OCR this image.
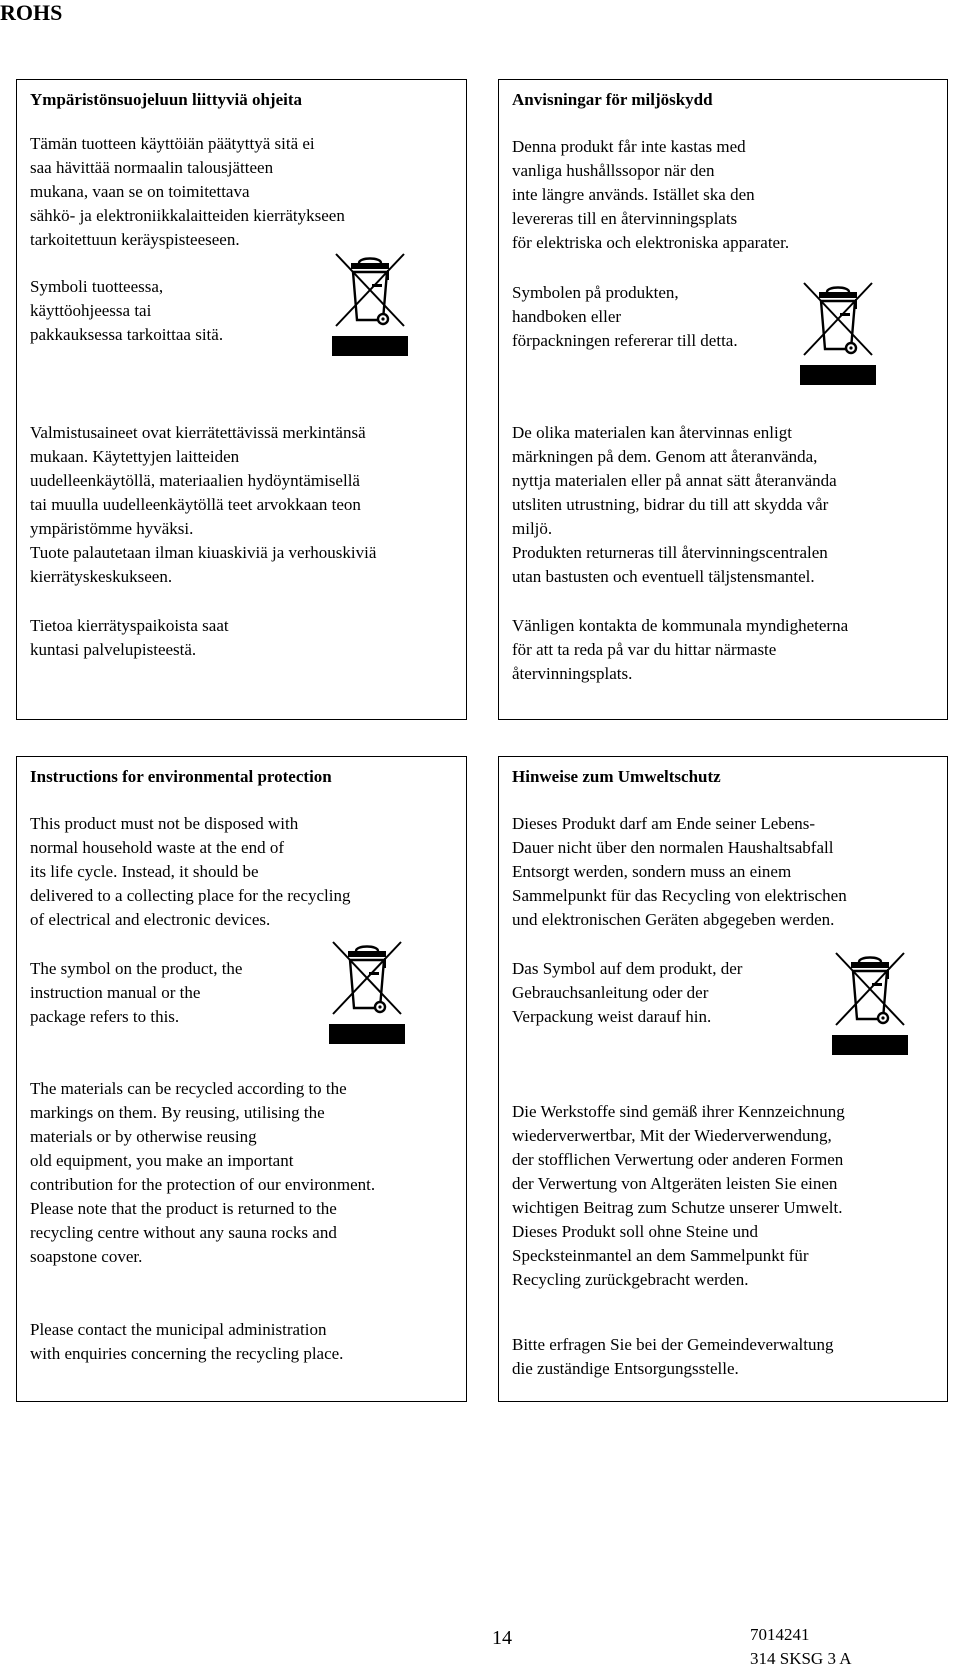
ROHS
Ympäristönsuojeluun liittyviä ohjeita

Tämän tuotteen käyttöiän päätyttyä sitä ei
saa hävittää normaalin talousjätteen
mukana, vaan se on toimitettava
sähkö- ja elektroniikkalaitteiden kierrätykseen
tarkoitettuun keräyspisteeseen.

Symboli tuotteessa,
käyttöohjeessa tai
pakkauksessa tarkoittaa sitä.

Valmistusaineet ovat kierrätettävissä merkintänsä
mukaan. Käytettyjen laitteiden
uudelleenkäytöllä, materiaalien hydöyntämisellä
tai muulla uudelleenkäytöllä teet arvokkaan teon
ympäristömme hyväksi.
Tuote palautetaan ilman kiuaskiviä ja verhouskiviä
kierrätyskeskukseen.

Tietoa kierrätyspaikoista saat
kuntasi palvelupisteestä.

Anvisningar för miljöskydd

Denna produkt får inte kastas med
vanliga hushållssopor när den
inte längre används. Istället ska den
levereras till en återvinningsplats
för elektriska och elektroniska apparater.

Symbolen på produkten,
handboken eller
förpackningen refererar till detta.

De olika materialen kan återvinnas enligt
märkningen på dem. Genom att återanvända,
nyttja materialen eller på annat sätt återanvända
utsliten utrustning, bidrar du till att skydda vår
miljö.
Produkten returneras till återvinningscentralen
utan bastusten och eventuell täljstensmantel.

Vänligen kontakta de kommunala myndigheterna
för att ta reda på var du hittar närmaste
återvinningsplats.

Instructions for environmental protection

This product must not be disposed with
normal household waste at the end of
its life cycle. Instead, it should be
delivered to a collecting place for the recycling
of electrical and electronic devices.

The symbol on the product, the
instruction manual or the
package refers to this.

The materials can be recycled according to the
markings on them. By reusing, utilising the
materials or by otherwise reusing
old equipment, you make an important
contribution for the protection of our environment.
Please note that the product is returned to the
recycling centre without any sauna rocks and
soapstone cover.

Please contact the municipal administration
with enquiries concerning the recycling place.

Hinweise zum Umweltschutz

Dieses Produkt darf am Ende seiner Lebens-
Dauer nicht über den normalen Haushaltsabfall
Entsorgt werden, sondern muss an einem
Sammelpunkt für das Recycling von elektrischen
und elektronischen Geräten abgegeben werden.

Das Symbol auf dem produkt, der
Gebrauchsanleitung oder der
Verpackung weist darauf hin.

Die Werkstoffe sind gemäß ihrer Kennzeichnung
wiederverwertbar, Mit der Wiederverwendung,
der stofflichen Verwertung oder anderen Formen
der Verwertung von Altgeräten leisten Sie einen
wichtigen Beitrag zum Schutze unserer Umwelt.
Dieses Produkt soll ohne Steine und
Specksteinmantel an dem Sammelpunkt für
Recycling zurückgebracht werden.

Bitte erfragen Sie bei der Gemeindeverwaltung
die zuständige Entsorgungsstelle.

14	7014241
314 SKSG 3 A
